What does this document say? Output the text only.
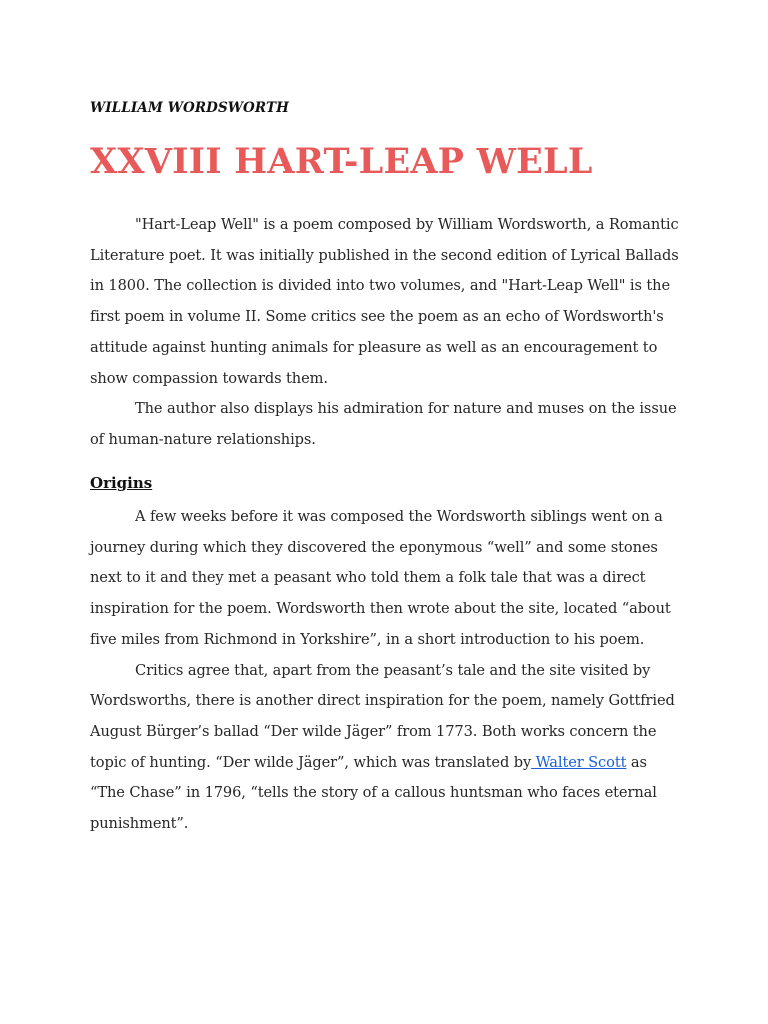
WILLIAM WORDSWORTH
XXVIII HART-LEAP WELL

"Hart-Leap Well" is a poem composed by William Wordsworth, a Romantic Literature poet. It was initially published in the second edition of Lyrical Ballads in 1800. The collection is divided into two volumes, and "Hart-Leap Well" is the first poem in volume II. Some critics see the poem as an echo of Wordsworth's attitude against hunting animals for pleasure as well as an encouragement to show compassion towards them.

The author also displays his admiration for nature and muses on the issue of human-nature relationships.

Origins

A few weeks before it was composed the Wordsworth siblings went on a journey during which they discovered the eponymous “well” and some stones next to it and they met a peasant who told them a folk tale that was a direct inspiration for the poem. Wordsworth then wrote about the site, located “about five miles from Richmond in Yorkshire”, in a short introduction to his poem.

Critics agree that, apart from the peasant’s tale and the site visited by Wordsworths, there is another direct inspiration for the poem, namely Gottfried August Bürger’s ballad “Der wilde Jäger” from 1773. Both works concern the topic of hunting. “Der wilde Jäger”, which was translated by Walter Scott as “The Chase” in 1796, “tells the story of a callous huntsman who faces eternal punishment”.
